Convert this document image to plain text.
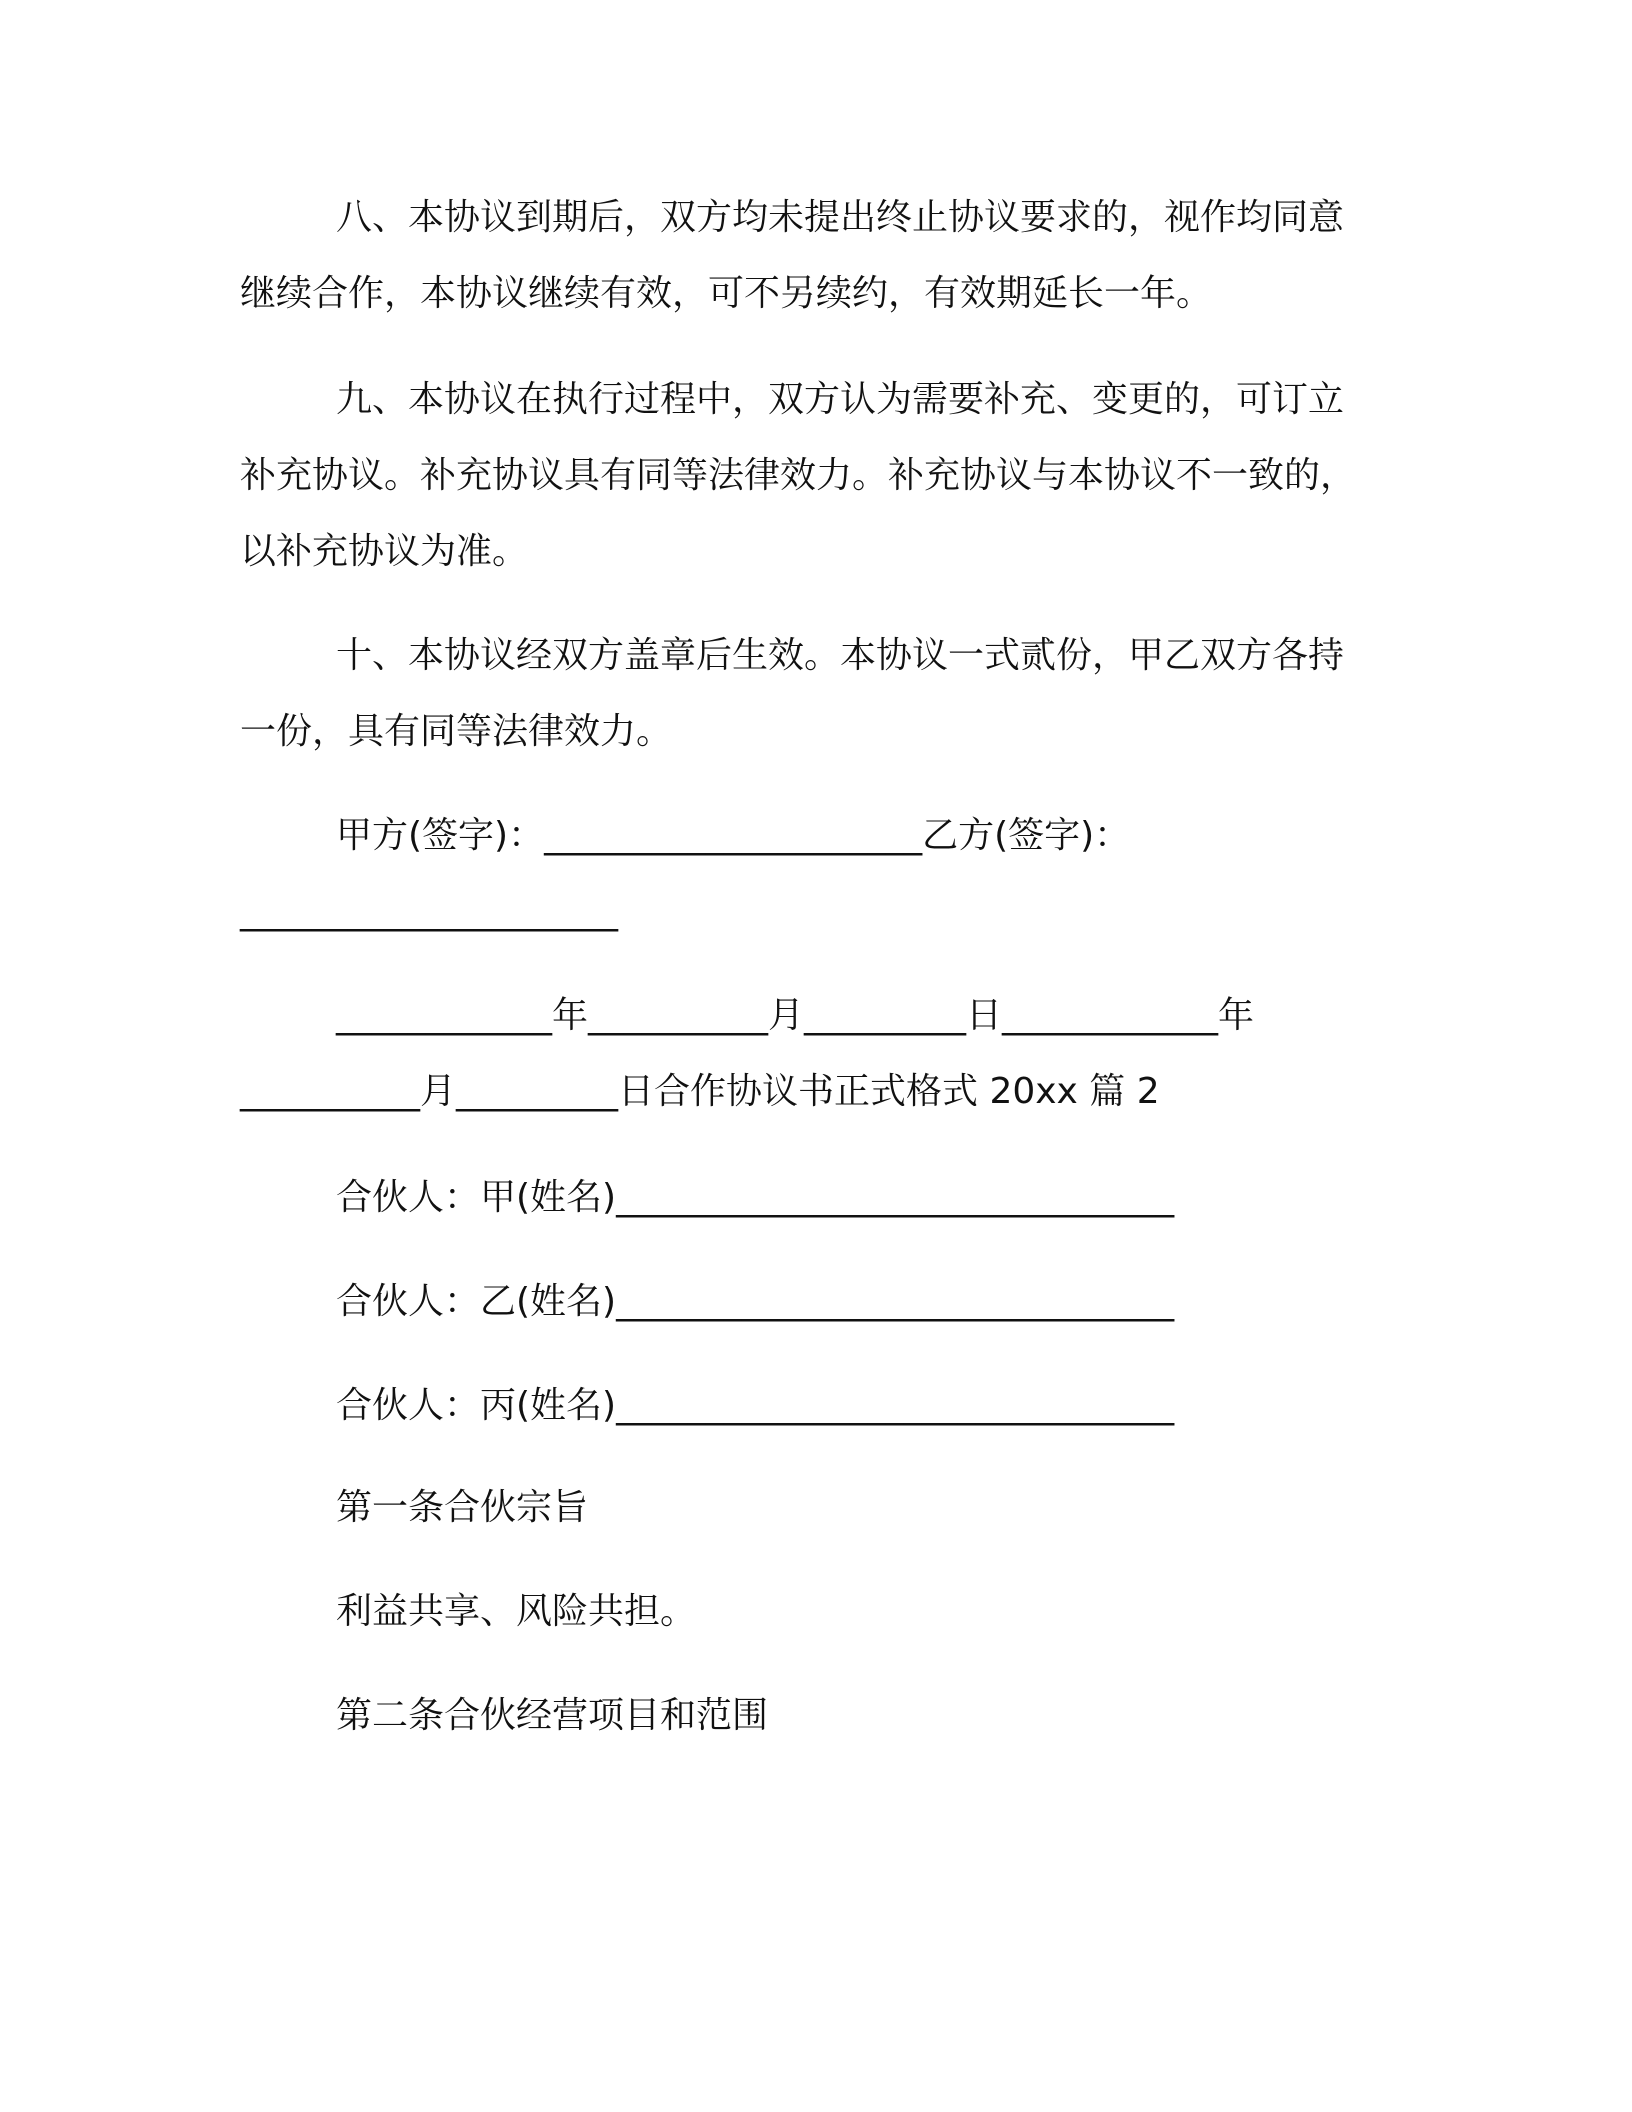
八、本协议到期后，双方均未提出终止协议要求的，视作均同意

继续合作，本协议继续有效，可不另续约，有效期延长一年。

九、本协议在执行过程中，双方认为需要补充、变更的，可订立

补充协议。补充协议具有同等法律效力。补充协议与本协议不一致的，

以补充协议为准。

十、本协议经双方盖章后生效。本协议一式贰份，甲乙双方各持

一份，具有同等法律效力。

甲方(签字)：_____________________乙方(签字)：

_____________________

____________年__________月_________日____________年

__________月_________日合作协议书正式格式 20xx 篇 2

合伙人：甲(姓名)_______________________________

合伙人：乙(姓名)_______________________________

合伙人：丙(姓名)_______________________________

第一条合伙宗旨

利益共享、风险共担。

第二条合伙经营项目和范围
